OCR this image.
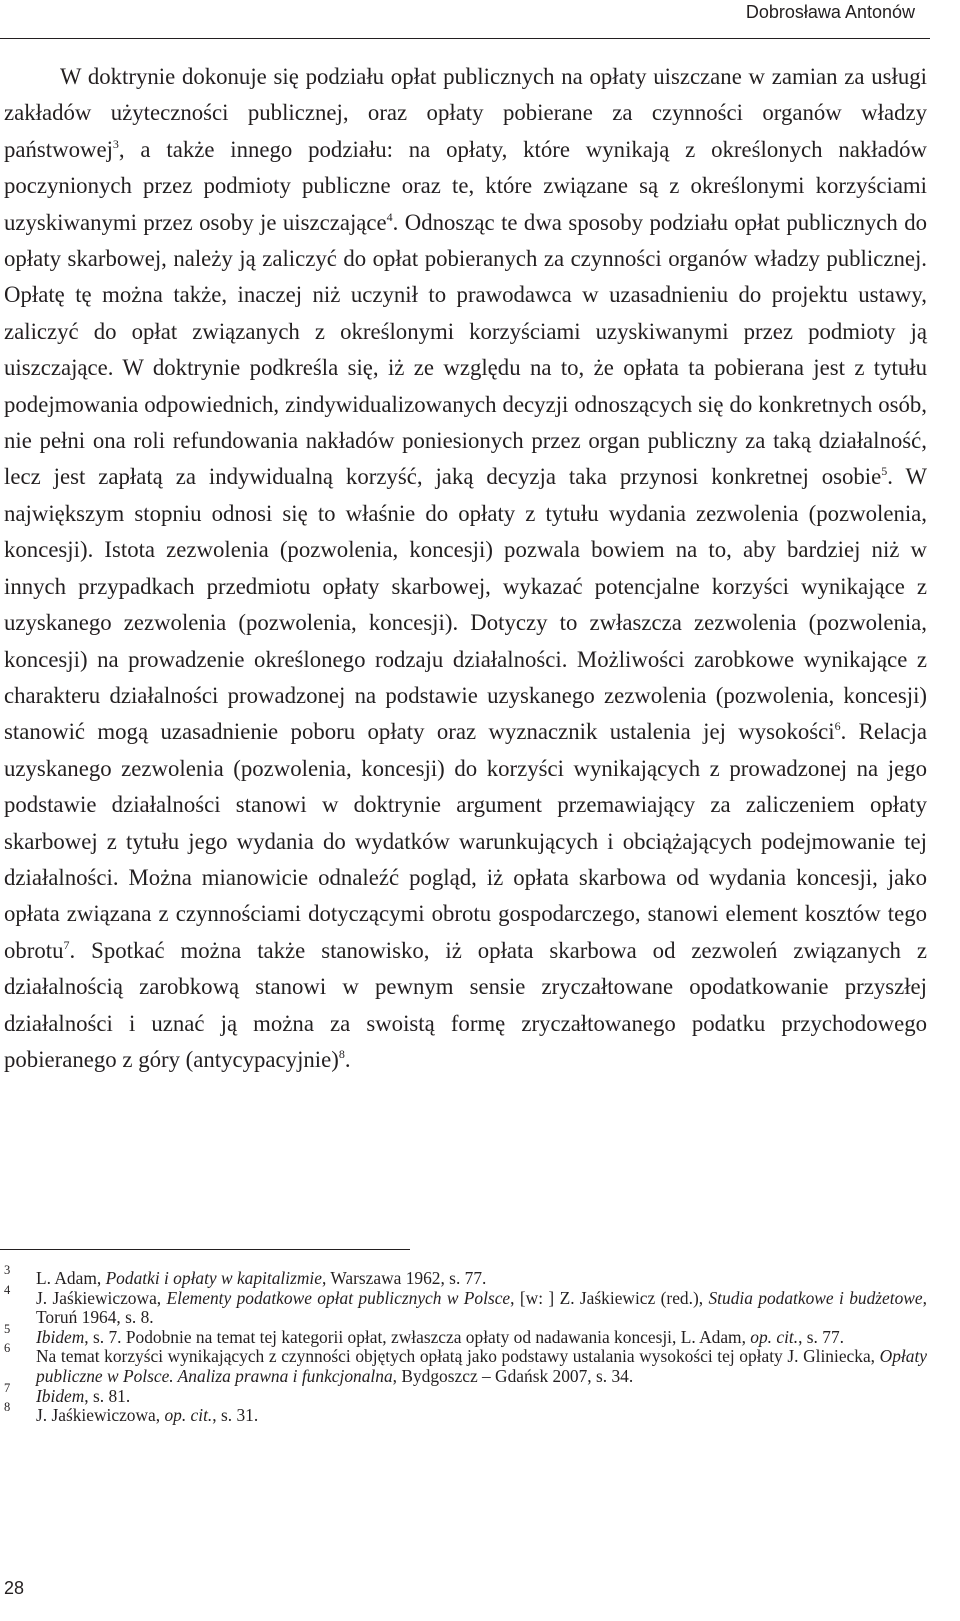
Dobrosława Antonów

W doktrynie dokonuje się podziału opłat publicznych na opłaty uiszczane w zamian za usługi zakładów użyteczności publicznej, oraz opłaty pobierane za czynności organów władzy państwowej$^3$, a także innego podziału: na opłaty, które wynikają z określonych nakładów poczynionych przez podmioty publiczne oraz te, które związane są z określonymi korzyściami uzyskiwanymi przez osoby je uiszczające$^4$. Odnosząc te dwa sposoby podziału opłat publicznych do opłaty skarbowej, należy ją zaliczyć do opłat pobieranych za czynności organów władzy publicznej. Opłatę tę można także, inaczej niż uczynił to prawodawca w uzasadnieniu do projektu ustawy, zaliczyć do opłat związanych z określonymi korzyściami uzyskiwanymi przez podmioty ją uiszczające. W doktrynie podkreśla się, iż ze względu na to, że opłata ta pobierana jest z tytułu podejmowania odpowiednich, zindywidualizowanych decyzji odnoszących się do konkretnych osób, nie pełni ona roli refundowania nakładów poniesionych przez organ publiczny za taką działalność, lecz jest zapłatą za indywidualną korzyść, jaką decyzja taka przynosi konkretnej osobie$^5$. W największym stopniu odnosi się to właśnie do opłaty z tytułu wydania zezwolenia (pozwolenia, koncesji). Istota zezwolenia (pozwolenia, koncesji) pozwala bowiem na to, aby bardziej niż w innych przypadkach przedmiotu opłaty skarbowej, wykazać potencjalne korzyści wynikające z uzyskanego zezwolenia (pozwolenia, koncesji). Dotyczy to zwłaszcza zezwolenia (pozwolenia, koncesji) na prowadzenie określonego rodzaju działalności. Możliwości zarobkowe wynikające z charakteru działalności prowadzonej na podstawie uzyskanego zezwolenia (pozwolenia, koncesji) stanowić mogą uzasadnienie poboru opłaty oraz wyznacznik ustalenia jej wysokości$^6$. Relacja uzyskanego zezwolenia (pozwolenia, koncesji) do korzyści wynikających z prowadzonej na jego podstawie działalności stanowi w doktrynie argument przemawiający za zaliczeniem opłaty skarbowej z tytułu jego wydania do wydatków warunkujących i obciążających podejmowanie tej działalności. Można mianowicie odnaleźć pogląd, iż opłata skarbowa od wydania koncesji, jako opłata związana z czynnościami dotyczącymi obrotu gospodarczego, stanowi element kosztów tego obrotu$^7$. Spotkać można także stanowisko, iż opłata skarbowa od zezwoleń związanych z działalnością zarobkową stanowi w pewnym sensie zryczałtowane opodatkowanie przyszłej działalności i uznać ją można za swoistą formę zryczałtowanego podatku przychodowego pobieranego z góry (antycypacyjnie)$^8$.

3 L. Adam, Podatki i opłaty w kapitalizmie, Warszawa 1962, s. 77.
4 J. Jaśkiewiczowa, Elementy podatkowe opłat publicznych w Polsce, [w: ] Z. Jaśkiewicz (red.), Studia podatkowe i budżetowe, Toruń 1964, s. 8.
5 Ibidem, s. 7. Podobnie na temat tej kategorii opłat, zwłaszcza opłaty od nadawania koncesji, L. Adam, op. cit., s. 77.
6 Na temat korzyści wynikających z czynności objętych opłatą jako podstawy ustalania wysokości tej opłaty J. Gliniecka, Opłaty publiczne w Polsce. Analiza prawna i funkcjonalna, Bydgoszcz – Gdańsk 2007, s. 34.
7 Ibidem, s. 81.
8 J. Jaśkiewiczowa, op. cit., s. 31.
28
